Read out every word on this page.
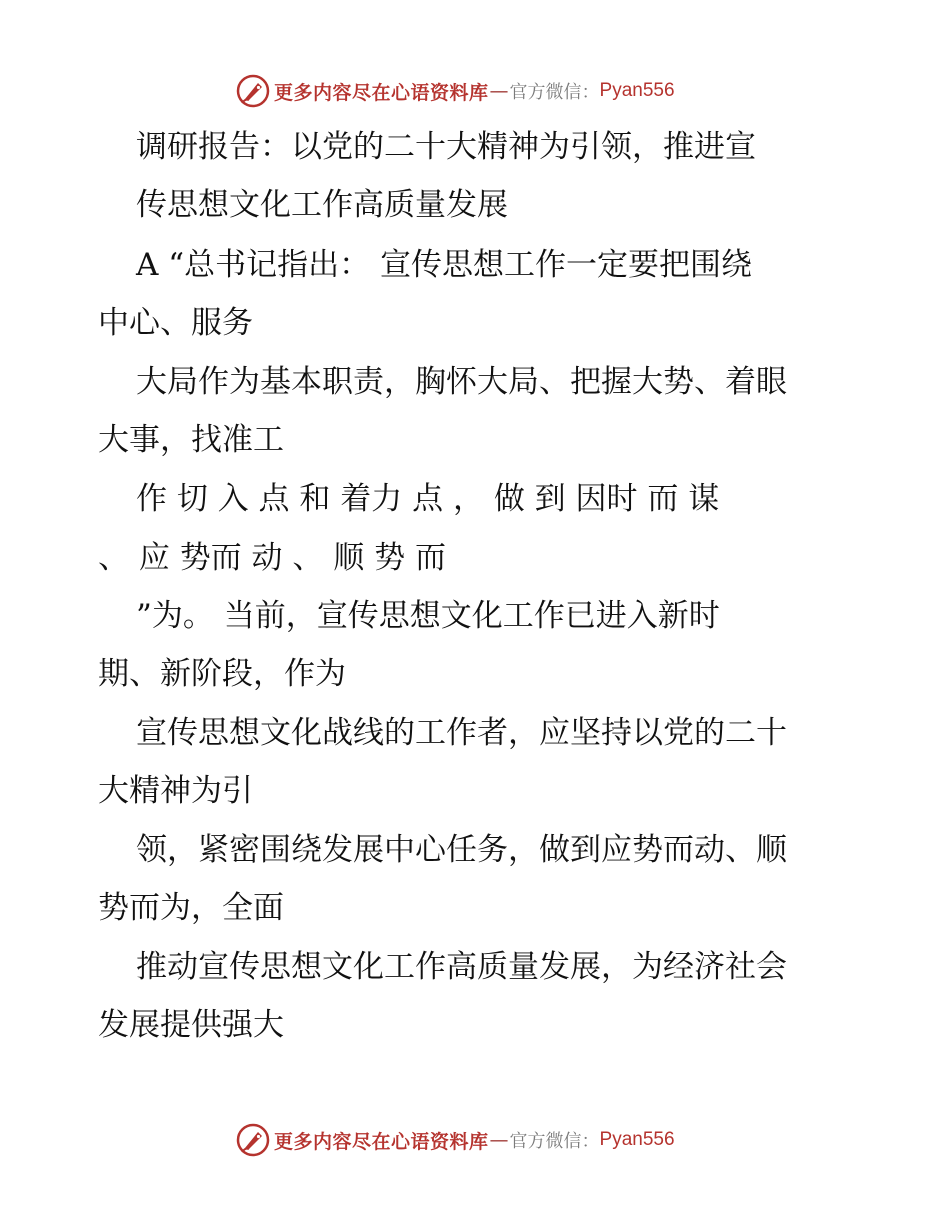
更多内容尽在心语资料库 — 官方微信： Pyan556
调研报告：以党的二十大精神为引领，推进宣
传思想文化工作高质量发展
A “总书记指出： 宣传思想工作一定要把围绕
中心、服务
大局作为基本职责，胸怀大局、把握大势、着眼
大事，找准工
作 切 入 点 和 着力 点 ， 做 到 因时 而 谋
、 应 势而 动 、 顺 势 而
”为。 当前，宣传思想文化工作已进入新时
期、新阶段，作为
宣传思想文化战线的工作者，应坚持以党的二十
大精神为引
领，紧密围绕发展中心任务，做到应势而动、顺
势而为，全面
推动宣传思想文化工作高质量发展，为经济社会
发展提供强大
更多内容尽在心语资料库 — 官方微信： Pyan556
